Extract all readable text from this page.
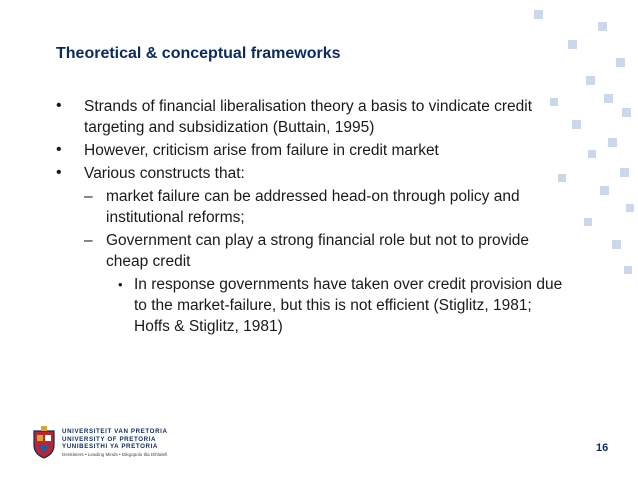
Theoretical & conceptual frameworks
• Strands of financial liberalisation theory a basis to vindicate credit targeting and subsidization (Buttain, 1995)
• However, criticism arise from failure in credit market
• Various constructs that:
– market failure can be addressed head-on through policy and institutional reforms;
– Government can play a strong financial role but not to provide cheap credit
• In response governments have taken over credit provision due to the market-failure, but this is not efficient (Stiglitz, 1981; Hoffs & Stiglitz, 1981)
UNIVERSITEIT VAN PRETORIA
UNIVERSITY OF PRETORIA
YUNIBESITHI YA PRETORIA
Denkleiers • Leading Minds • Dikgopolo tša Dihlalefi
16
